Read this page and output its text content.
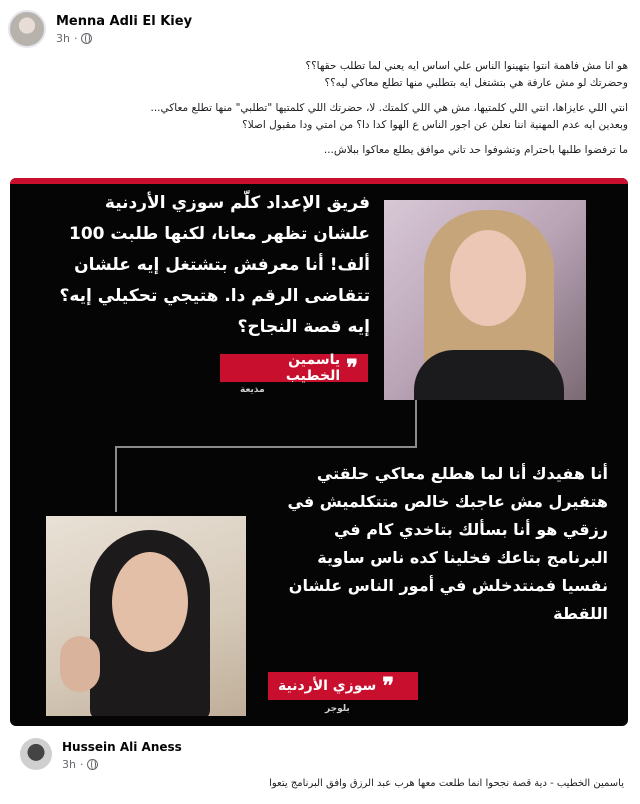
Menna Adli El Kiey
3h ·

هو انا مش فاهمة انتوا بتهينوا الناس علي اساس ايه يعني لما تطلب حقها؟؟

وحضرتك لو مش عارفة هي بتشتغل ايه بتطلبي منها تطلع معاكي ليه؟؟

انتي اللي عايزاها، انتي اللي كلمتيها، مش هي اللي كلمتك. لا، حضرتك اللي كلمتيها "تطلبي" منها تطلع معاكي...

وبعدين ايه عدم المهنية اننا نعلن عن اجور الناس ع الهوا كدا دا؟ من امتي ودا مقبول اصلا؟

ما ترفضوا طلبها باحترام وتشوفوا حد تاني موافق يطلع معاكوا ببلاش...

فريق الإعداد كلّم سوزي الأردنية علشان تظهر معانا، لكنها طلبت 100 ألف! أنا معرفش بتشتغل إيه علشان تتقاضى الرقم دا. هتيجي تحكيلي إيه؟ إيه قصة النجاح؟
❞
ياسمين الخطيب
مذيعة
أنا هفيدك أنا لما هطلع معاكي حلقتي هتفيرل مش عاجبك خالص متتكلميش في رزقي هو أنا بسألك بتاخدي كام في البرنامج بتاعك فخلينا كده ناس ساوية نفسيا فمنتدخلش في أمور الناس علشان اللقطة
❞
سوزي الأردنية
بلوجر
Hussein Ali Aness
3h ·
ياسمين الخطيب - دية قصة نجحوا انما طلعت معها هرب عبد الرزق وافق البرنامج يتعوا
